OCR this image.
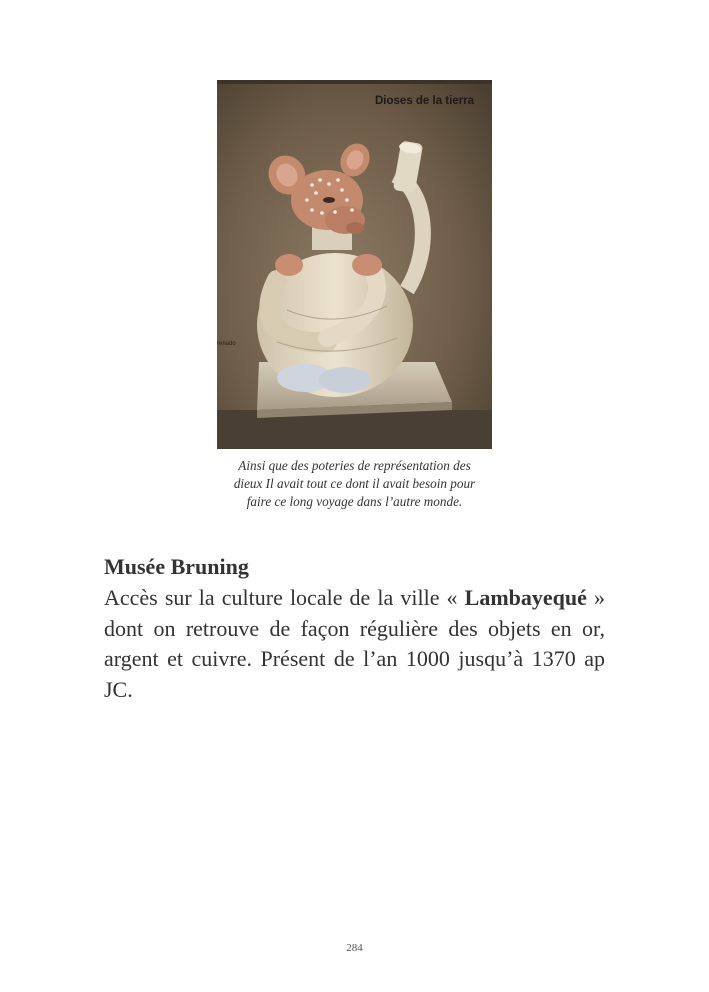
Dioses de la tierra
renado
Ainsi que des poteries de représentation des
dieux Il avait tout ce dont il avait besoin pour
faire ce long voyage dans l’autre monde.
Musée Bruning
Accès sur la culture locale de la ville « Lambayequé » dont on retrouve de façon régulière des objets en or, argent et cuivre. Présent de l’an 1000 jusqu’à 1370 ap JC.
284
